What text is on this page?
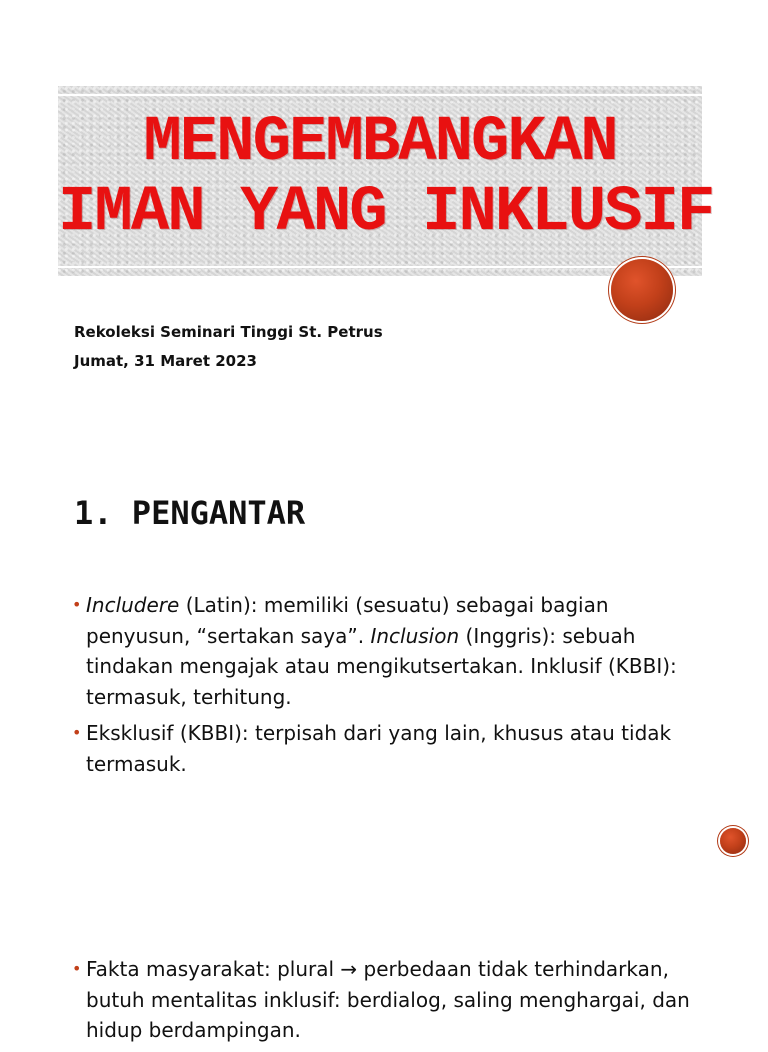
MENGEMBANGKAN
IMAN YANG INKLUSIF
Rekoleksi Seminari Tinggi St. Petrus
Jumat, 31 Maret 2023
1. PENGANTAR
• Includere (Latin): memiliki (sesuatu) sebagai bagian penyusun, “sertakan saya”. Inclusion (Inggris): sebuah tindakan mengajak atau mengikutsertakan. Inklusif (KBBI): termasuk, terhitung.
• Eksklusif (KBBI): terpisah dari yang lain, khusus atau tidak termasuk.
• Fakta masyarakat: plural → perbedaan tidak terhindarkan, butuh mentalitas inklusif: berdialog, saling menghargai, dan hidup berdampingan.
